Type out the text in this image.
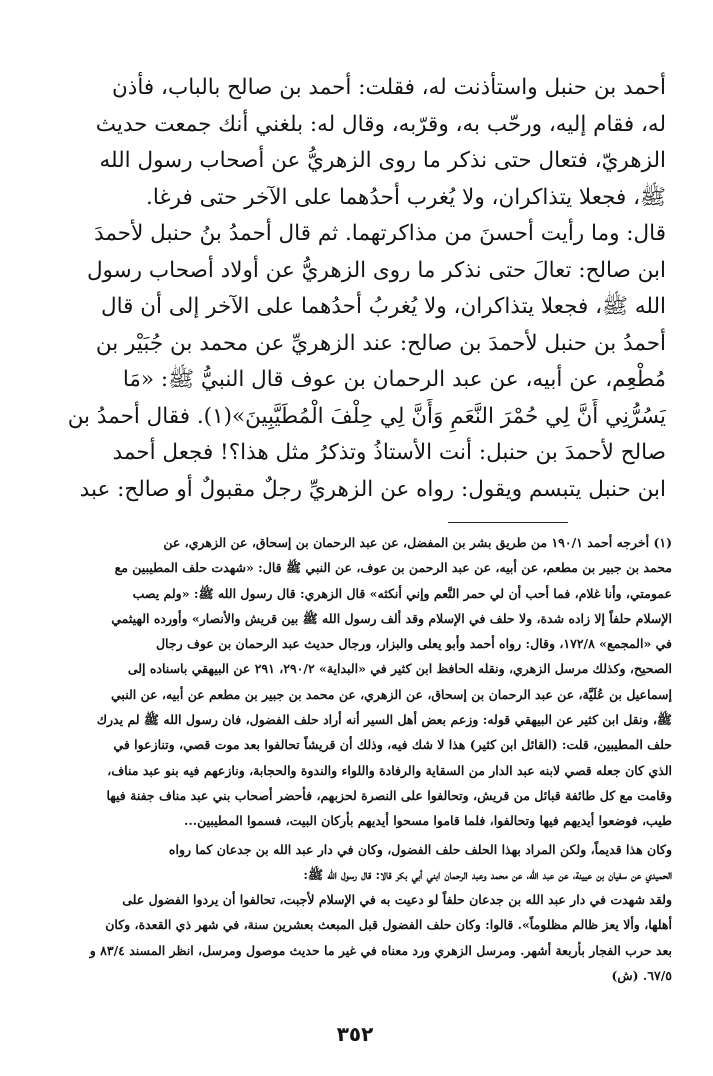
أحمد بن حنبل واستأذنت له، فقلت: أحمد بن صالح بالباب، فأذن
له، فقام إليه، ورحّب به، وقرّبه، وقال له: بلغني أنك جمعت حديث
الزهريّ، فتعال حتى نذكر ما روى الزهريُّ عن أصحاب رسول الله
ﷺ، فجعلا يتذاكران، ولا يُغرب أحدُهما على الآخر حتى فرغا.
قال: وما رأيت أحسنَ من مذاكرتهما. ثم قال أحمدُ بنُ حنبل لأحمدَ
ابن صالح: تعالَ حتى نذكر ما روى الزهريُّ عن أولاد أصحاب رسول
الله ﷺ، فجعلا يتذاكران، ولا يُغربُ أحدُهما على الآخر إلى أن قال
أحمدُ بن حنبل لأحمدَ بن صالح: عند الزهريِّ عن محمد بن جُبَيْر بن
مُطْعِم، عن أبيه، عن عبد الرحمان بن عوف قال النبيُّ ﷺ: «مَا
يَسُرُّنِي أَنَّ لِي حُمْرَ النَّعَمِ وَأَنَّ لِي حِلْفَ الْمُطَيَّبِينَ»(١). فقال أحمدُ بن
صالح لأحمدَ بن حنبل: أنت الأستاذُ وتذكرُ مثل هذا؟! فجعل أحمد
ابن حنبل يتبسم ويقول: رواه عن الزهريِّ رجلٌ مقبولٌ أو صالح: عبد
(١) أخرجه أحمد ١٩٠/١ من طريق بشر بن المفضل، عن عبد الرحمان بن إسحاق، عن الزهري، عن
محمد بن جبير بن مطعم، عن أبيه، عن عبد الرحمن بن عوف، عن النبي ﷺ قال: «شهدت حلف المطيبين مع
عمومتي، وأنا غلام، فما أحب أن لي حمر النَّعم وإني أنكثه» قال الزهري: قال رسول الله ﷺ: «ولم يصب
الإسلام حلفاً إلا زاده شدة، ولا حلف في الإسلام وقد ألف رسول الله ﷺ بين قريش والأنصار» وأورده الهيثمي
في «المجمع» ١٧٢/٨، وقال: رواه أحمد وأبو يعلى والبزار، ورجال حديث عبد الرحمان بن عوف رجال
الصحيح، وكذلك مرسل الزهري، ونقله الحافظ ابن كثير في «البداية» ٢٩٠/٢، ٢٩١ عن البيهقي باسناده إلى
إسماعيل بن عُلَيَّة، عن عبد الرحمان بن إسحاق، عن الزهري، عن محمد بن جبير بن مطعم عن أبيه، عن النبي
ﷺ، ونقل ابن كثير عن البيهقي قوله: وزعم بعض أهل السير أنه أراد حلف الفضول، فان رسول الله ﷺ لم يدرك
حلف المطيبين، قلت: (القائل ابن كثير) هذا لا شك فيه، وذلك أن قريشاً تحالفوا بعد موت قصي، وتنازعوا في
الذي كان جعله قصي لابنه عبد الدار من السقاية والرفادة واللواء والندوة والحجابة، ونازعهم فيه بنو عبد مناف،
وقامت مع كل طائفة قبائل من قريش، وتحالفوا على النصرة لحزبهم، فأحضر أصحاب بني عبد مناف جفنة فيها
طيب، فوضعوا أيديهم فيها وتحالفوا، فلما قاموا مسحوا أيديهم بأركان البيت، فسموا المطيبين...
وكان هذا قديماً، ولكن المراد بهذا الحلف حلف الفضول، وكان في دار عبد الله بن جدعان كما رواه
الحميدي عن سفيان بن عيينة، عن عبد الله، عن محمد وعبد الرحمان ابني أبي بكر قالا: قال رسول الله ﷺ:
ولقد شهدت في دار عبد الله بن جدعان حلفاً لو دعيت به في الإسلام لأجبت، تحالفوا أن يردوا الفضول على
أهلها، وألا يعز ظالم مظلوماً». قالوا: وكان حلف الفضول قبل المبعث بعشرين سنة، في شهر ذي القعدة، وكان
بعد حرب الفجار بأربعة أشهر. ومرسل الزهري ورد معناه في غير ما حديث موصول ومرسل، انظر المسند ٨٣/٤ و
٦٧/٥. (ش)
٣٥٢
